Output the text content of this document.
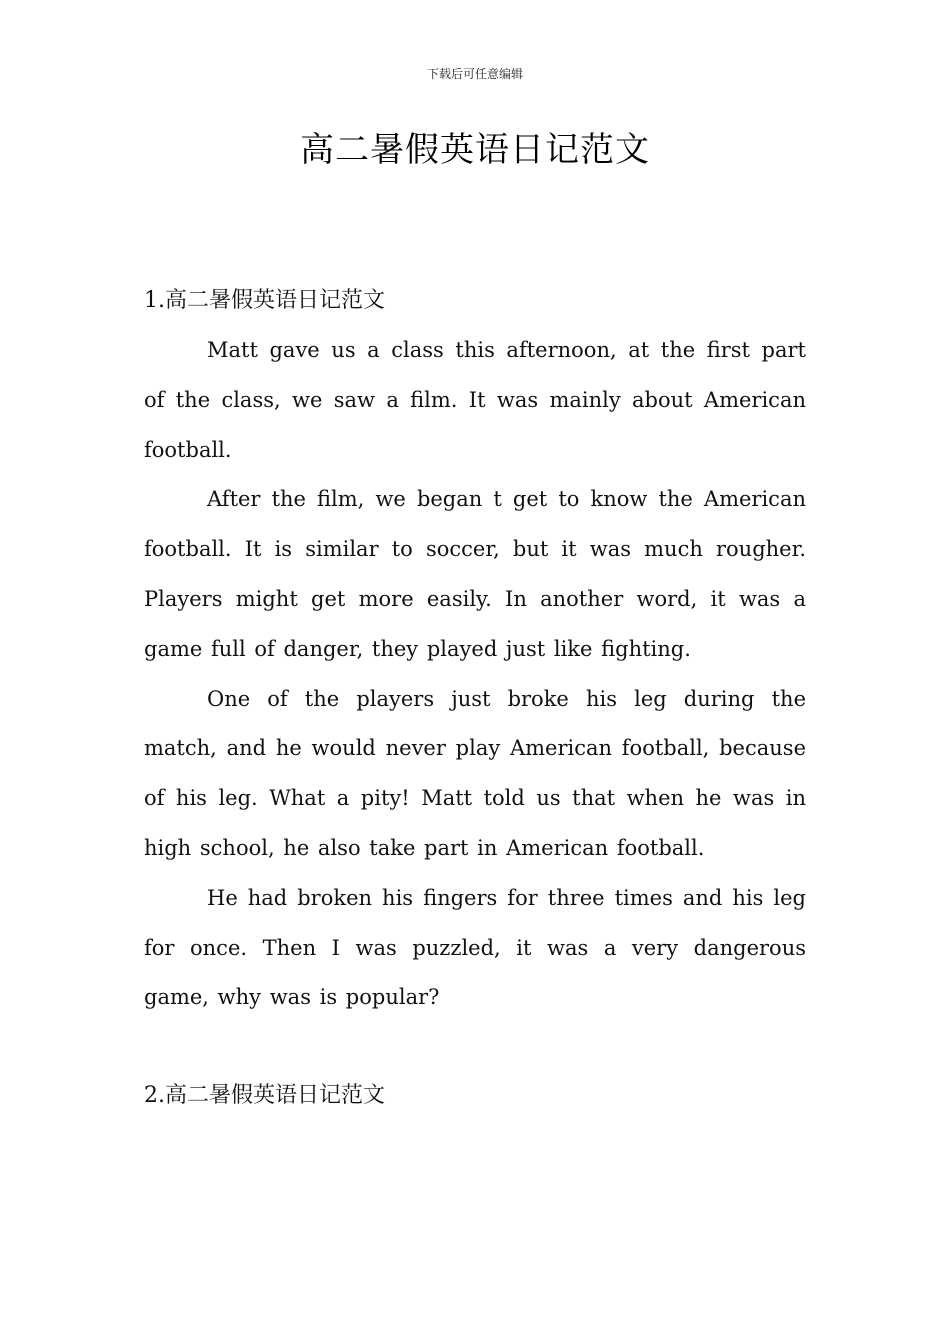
下载后可任意编辑
高二暑假英语日记范文
1.高二暑假英语日记范文

Matt gave us a class this afternoon, at the first part of the class, we saw a film. It was mainly about American football.

After the film, we began t get to know the American football. It is similar to soccer, but it was much rougher. Players might get more easily. In another word, it was a game full of danger, they played just like fighting.

One of the players just broke his leg during the match, and he would never play American football, because of his leg. What a pity! Matt told us that when he was in high school, he also take part in American football.

He had broken his fingers for three times and his leg for once. Then I was puzzled, it was a very dangerous game, why was is popular?

2.高二暑假英语日记范文
